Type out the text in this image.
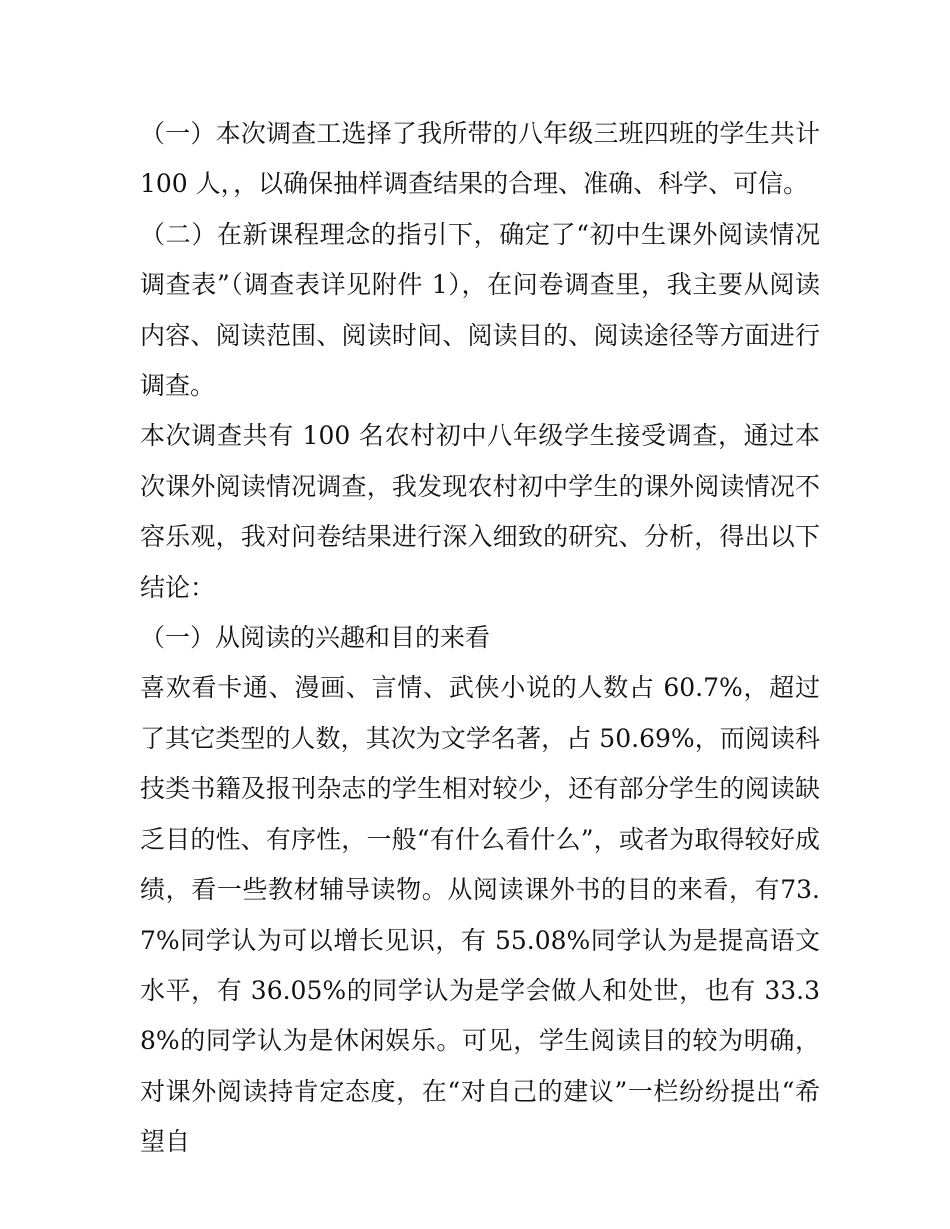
（一）本次调查工选择了我所带的八年级三班四班的学生共计100 人，，以确保抽样调查结果的合理、准确、科学、可信。

（二）在新课程理念的指引下，确定了“初中生课外阅读情况调查表”（调查表详见附件 1），在问卷调查里，我主要从阅读内容、阅读范围、阅读时间、阅读目的、阅读途径等方面进行调查。

本次调查共有 100 名农村初中八年级学生接受调查，通过本次课外阅读情况调查，我发现农村初中学生的课外阅读情况不容乐观，我对问卷结果进行深入细致的研究、分析，得出以下结论：

（一）从阅读的兴趣和目的来看

喜欢看卡通、漫画、言情、武侠小说的人数占 60.7%，超过了其它类型的人数，其次为文学名著，占 50.69%，而阅读科技类书籍及报刊杂志的学生相对较少，还有部分学生的阅读缺乏目的性、有序性，一般“有什么看什么”，或者为取得较好成绩，看一些教材辅导读物。从阅读课外书的目的来看，有73.7%同学认为可以增长见识，有 55.08%同学认为是提高语文水平，有 36.05%的同学认为是学会做人和处世，也有 33.38%的同学认为是休闲娱乐。可见，学生阅读目的较为明确，对课外阅读持肯定态度，在“对自己的建议”一栏纷纷提出“希望自
